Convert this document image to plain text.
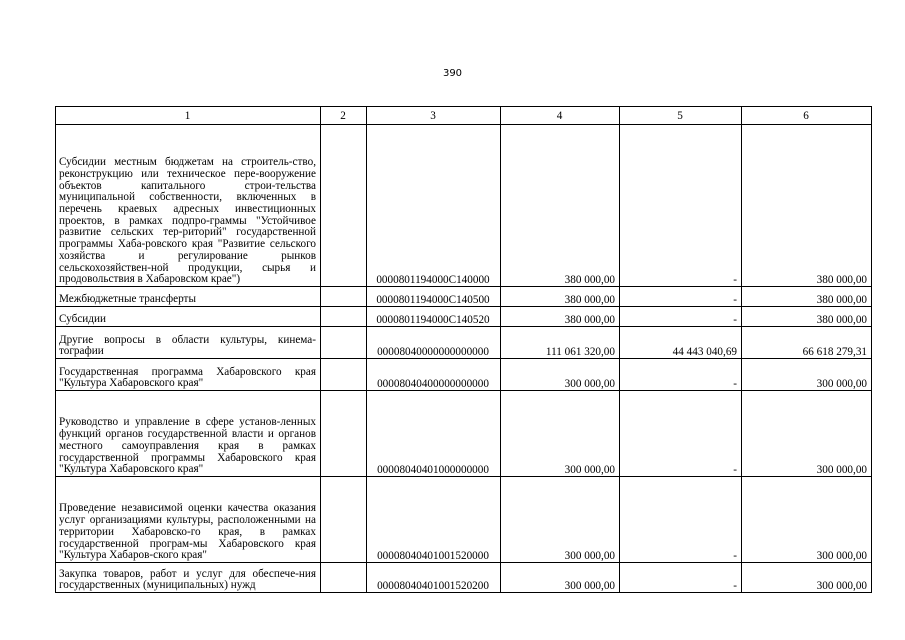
390
1	2	3	4	5	6
Субсидии местным бюджетам на строитель-ство, реконструкцию или техническое пере-вооружение объектов капитального строи-тельства муниципальной собственности, включенных в перечень краевых адресных инвестиционных проектов, в рамках подпро-граммы "Устойчивое развитие сельских тер-риторий" государственной программы Хаба-ровского края "Развитие сельского хозяйства и регулирование рынков сельскохозяйствен-ной продукции, сырья и продовольствия в Хабаровском крае")		0000801194000C140000	380 000,00	-	380 000,00
Межбюджетные трансферты		0000801194000C140500	380 000,00	-	380 000,00
Субсидии		0000801194000C140520	380 000,00	-	380 000,00
Другие вопросы в области культуры, кинема-тографии		00008040000000000000	111 061 320,00	44 443 040,69	66 618 279,31
Государственная программа Хабаровского края "Культура Хабаровского края"		00008040400000000000	300 000,00	-	300 000,00
Руководство и управление в сфере установ-ленных функций органов государственной власти и органов местного самоуправления края в рамках государственной программы Хабаровского края "Культура Хабаровского края"		00008040401000000000	300 000,00	-	300 000,00
Проведение независимой оценки качества оказания услуг организациями культуры, расположенными на территории Хабаровско-го края, в рамках государственной програм-мы Хабаровского края "Культура Хабаров-ского края"		00008040401001520000	300 000,00	-	300 000,00
Закупка товаров, работ и услуг для обеспече-ния государственных (муниципальных) нужд		00008040401001520200	300 000,00	-	300 000,00
